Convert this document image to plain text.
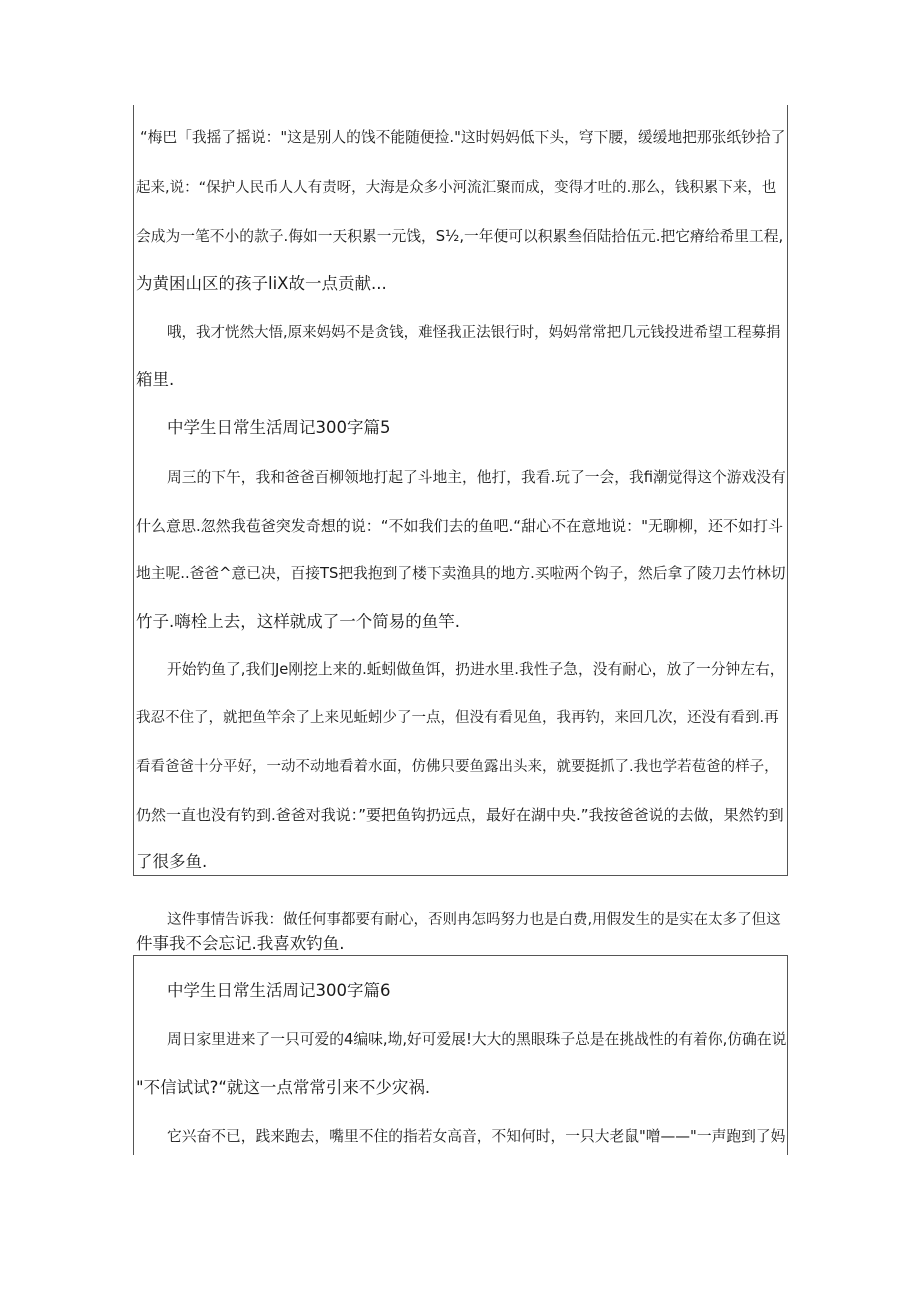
“梅巴「我摇了摇说："这是别人的饯不能随便捡."这时妈妈低下头，穹下腰，缓缓地把那张纸钞拾了

起来,说：“保护人民币人人有责呀，大海是众多小河流汇聚而成，变得才吐的.那么，钱积累下来，也

会成为一笔不小的款子.侮如一天积累一元饯，S½,一年便可以积累叁佰陆拾伍元.把它瘠给希里工程,

为黄困山区的孩子liX故一点贡献...

哦，我才恍然大悟,原来妈妈不是贪钱，难怪我正法银行时，妈妈常常把几元钱投进希望工程募捐

箱里.

中学生日常生活周记300字篇5

周三的下午，我和爸爸百柳领地打起了斗地主，他打，我看.玩了一会，我fi潮觉得这个游戏没有

什么意思.忽然我苞爸突发奇想的说：“不如我们去的鱼吧.“甜心不在意地说："无聊柳，还不如打斗

地主呢..爸爸^意已决，百接TS把我抱到了楼下卖渔具的地方.买啦两个钩子，然后拿了陵刀去竹林切

竹子.嗨栓上去，这样就成了一个简易的鱼竿.

开始钓鱼了,我们Je刚挖上来的.蚯蚓做鱼饵，扔进水里.我性子急，没有耐心，放了一分钟左右，

我忍不住了，就把鱼竿余了上来见蚯蚓少了一点，但没有看见鱼，我再钓，来回几次，还没有看到.再

看看爸爸十分平好，一动不动地看着水面，仿佛只要鱼露出头来，就要挺抓了.我也学若苞爸的样子，

仍然一直也没有钓到.爸爸对我说：”要把鱼钩扔远点，最好在湖中央.”我按爸爸说的去做，果然钓到

了很多鱼.

这件事情告诉我：做任何事都要有耐心，否则冉怎吗努力也是白费,用假发生的是实在太多了但这

件事我不会忘记.我喜欢钓鱼.

中学生日常生活周记300字篇6

周日家里进来了一只可爱的4编味,坳,好可爱展!大大的黑眼珠子总是在挑战性的有着你,仿确在说

"不信试试?“就这一点常常引来不少灾祸.

它兴奋不已，践来跑去，嘴里不住的指若女高音，不知何时，一只大老鼠"噌——"一声跑到了妈
